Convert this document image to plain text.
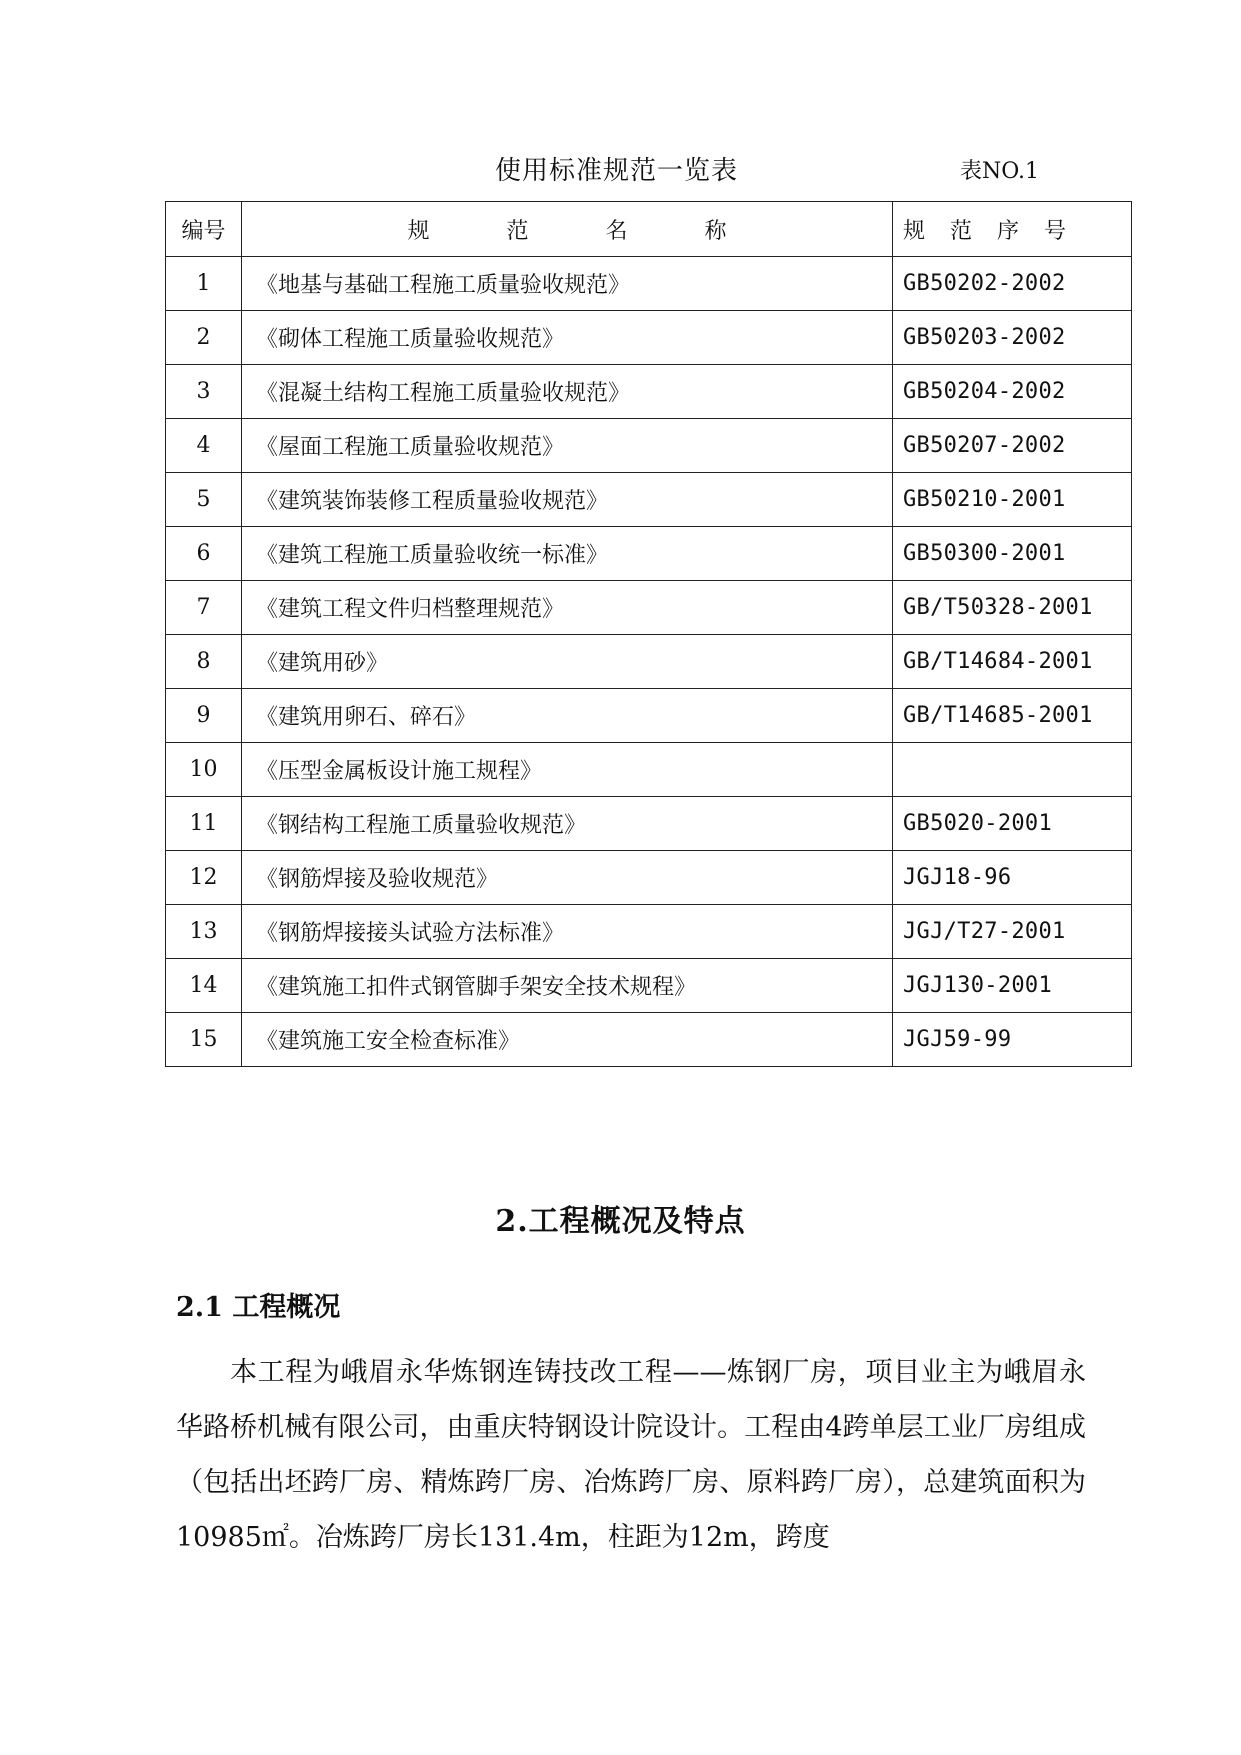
使用标准规范一览表	表NO.1
编号	规 范 名 称	规 范 序 号
1	《地基与基础工程施工质量验收规范》	GB50202-2002
2	《砌体工程施工质量验收规范》	GB50203-2002
3	《混凝土结构工程施工质量验收规范》	GB50204-2002
4	《屋面工程施工质量验收规范》	GB50207-2002
5	《建筑装饰装修工程质量验收规范》	GB50210-2001
6	《建筑工程施工质量验收统一标准》	GB50300-2001
7	《建筑工程文件归档整理规范》	GB/T50328-2001
8	《建筑用砂》	GB/T14684-2001
9	《建筑用卵石、碎石》	GB/T14685-2001
10	《压型金属板设计施工规程》	
11	《钢结构工程施工质量验收规范》	GB5020-2001
12	《钢筋焊接及验收规范》	JGJ18-96
13	《钢筋焊接接头试验方法标准》	JGJ/T27-2001
14	《建筑施工扣件式钢管脚手架安全技术规程》	JGJ130-2001
15	《建筑施工安全检查标准》	JGJ59-99
2.工程概况及特点
2.1 工程概况
本工程为峨眉永华炼钢连铸技改工程——炼钢厂房，项目业主为峨眉永华路桥机械有限公司，由重庆特钢设计院设计。工程由4跨单层工业厂房组成（包括出坯跨厂房、精炼跨厂房、冶炼跨厂房、原料跨厂房），总建筑面积为10985㎡。冶炼跨厂房长131.4m，柱距为12m，跨度
